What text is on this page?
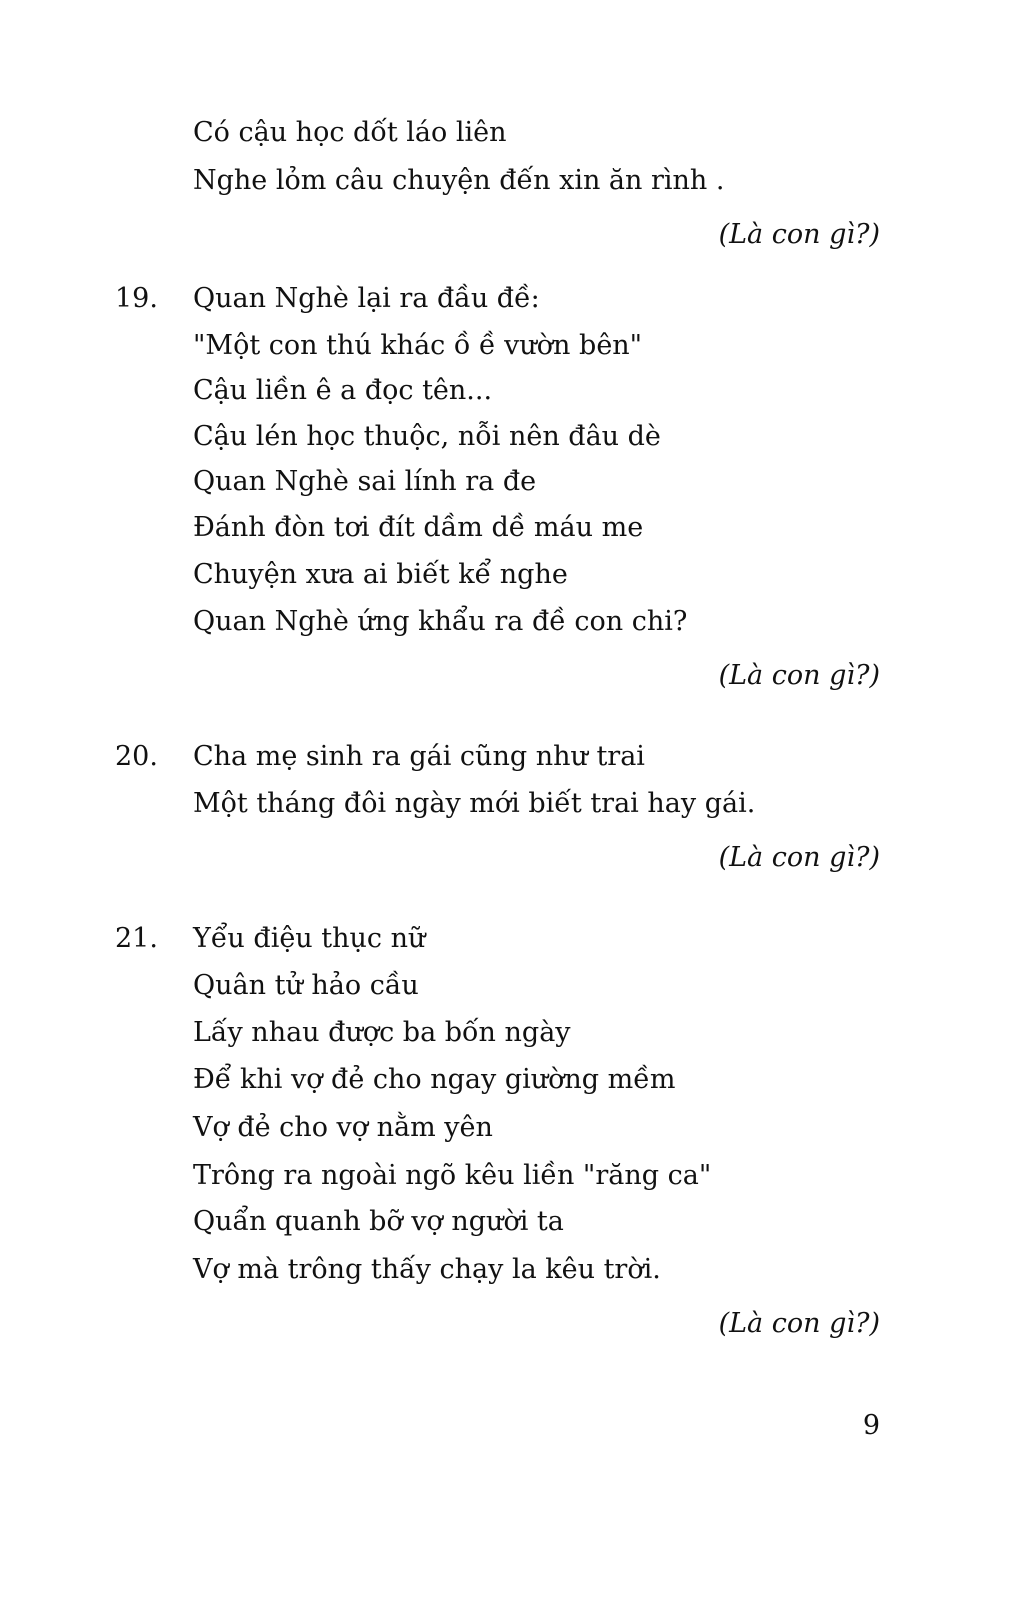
Có cậu học dốt láo liên
Nghe lỏm câu chuyện đến xin ăn rình .
(Là con gì?)
19. Quan Nghè lại ra đầu đề:
"Một con thú khác ồ ề vườn bên"
Cậu liền ê a đọc tên...
Cậu lén học thuộc, nỗi nên đâu dè
Quan Nghè sai lính ra đe
Đánh đòn tơi đít dầm dề máu me
Chuyện xưa ai biết kể nghe
Quan Nghè ứng khẩu ra đề con chi?
(Là con gì?)
20. Cha mẹ sinh ra gái cũng như trai
Một tháng đôi ngày mới biết trai hay gái.
(Là con gì?)
21. Yểu điệu thục nữ
Quân tử hảo cầu
Lấy nhau được ba bốn ngày
Để khi vợ đẻ cho ngay giường mềm
Vợ đẻ cho vợ nằm yên
Trông ra ngoài ngõ kêu liền "răng ca"
Quẩn quanh bỡ vợ người ta
Vợ mà trông thấy chạy la kêu trời.
(Là con gì?)
9
